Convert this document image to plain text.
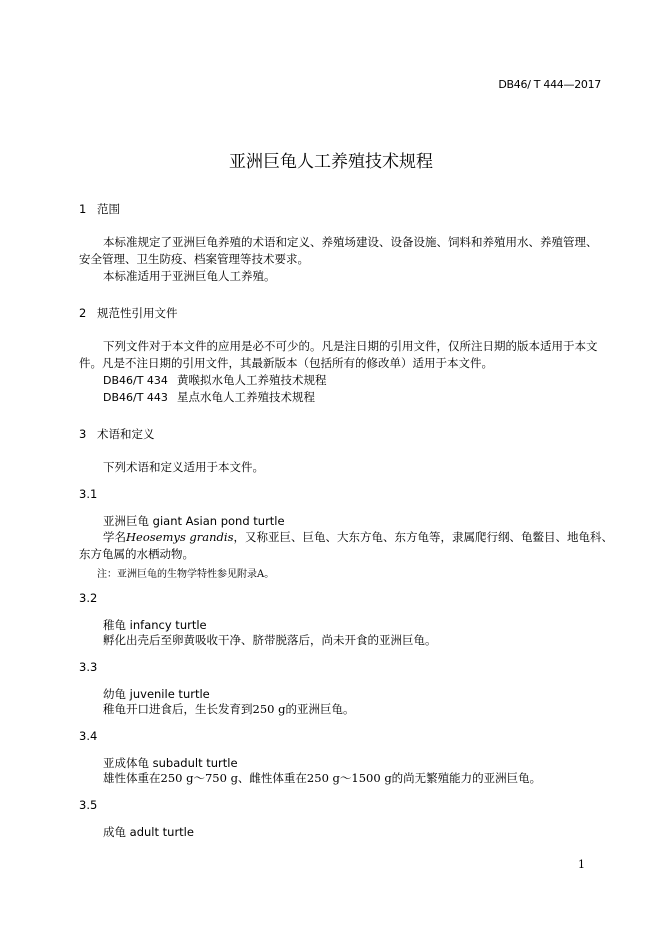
DB46/ T 444—2017
亚洲巨龟人工养殖技术规程
1 范围
本标准规定了亚洲巨龟养殖的术语和定义、养殖场建设、设备设施、饲料和养殖用水、养殖管理、
安全管理、卫生防疫、档案管理等技术要求。
本标准适用于亚洲巨龟人工养殖。
2 规范性引用文件
下列文件对于本文件的应用是必不可少的。凡是注日期的引用文件，仅所注日期的版本适用于本文
件。凡是不注日期的引用文件，其最新版本（包括所有的修改单）适用于本文件。
DB46/T 434 黄喉拟水龟人工养殖技术规程
DB46/T 443 星点水龟人工养殖技术规程
3 术语和定义
下列术语和定义适用于本文件。
3.1
亚洲巨龟 giant Asian pond turtle
学名Heosemys grandis，又称亚巨、巨龟、大东方龟、东方龟等，隶属爬行纲、龟鳖目、地龟科、
东方龟属的水栖动物。
注：亚洲巨龟的生物学特性参见附录A。
3.2
稚龟 infancy turtle
孵化出壳后至卵黄吸收干净、脐带脱落后，尚未开食的亚洲巨龟。
3.3
幼龟 juvenile turtle
稚龟开口进食后，生长发育到250 g的亚洲巨龟。
3.4
亚成体龟 subadult turtle
雄性体重在250 g～750 g、雌性体重在250 g～1500 g的尚无繁殖能力的亚洲巨龟。
3.5
成龟 adult turtle
1
